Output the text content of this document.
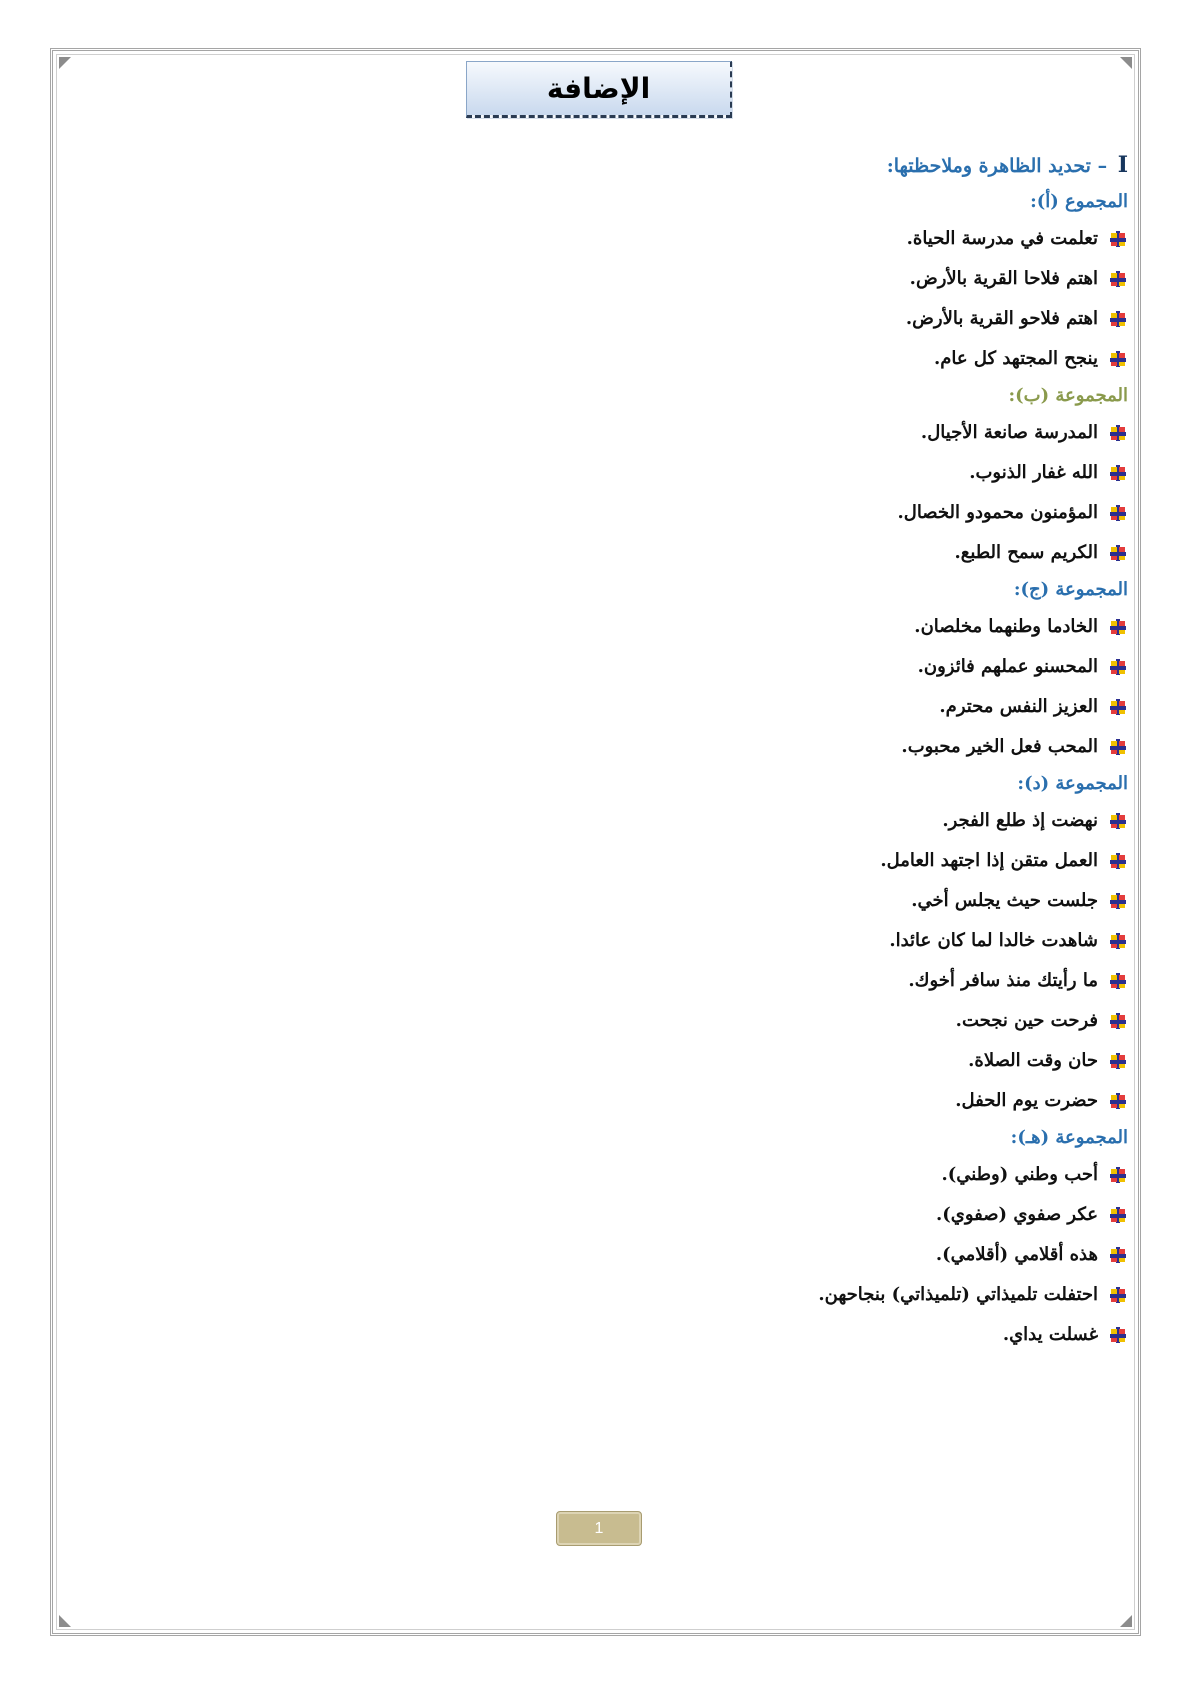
الإضافة
I – تحديد الظاهرة وملاحظتها:
المجموع (أ):
تعلمت في مدرسة الحياة.
اهتم فلاحا القرية بالأرض.
اهتم فلاحو القرية بالأرض.
ينجح المجتهد كل عام.
المجموعة (ب):
المدرسة صانعة الأجيال.
الله غفار الذنوب.
المؤمنون محمودو الخصال.
الكريم سمح الطبع.
المجموعة (ج):
الخادما وطنهما مخلصان.
المحسنو عملهم فائزون.
العزيز النفس محترم.
المحب فعل الخير محبوب.
المجموعة (د):
نهضت إذ طلع الفجر.
العمل متقن إذا اجتهد العامل.
جلست حيث يجلس أخي.
شاهدت خالدا لما كان عائدا.
ما رأيتك منذ سافر أخوك.
فرحت حين نجحت.
حان وقت الصلاة.
حضرت يوم الحفل.
المجموعة (هـ):
أحب وطني (وطني).
عكر صفوي (صفوي).
هذه أقلامي (أقلامي).
احتفلت تلميذاتي (تلميذاتي) بنجاحهن.
غسلت يداي.
1
